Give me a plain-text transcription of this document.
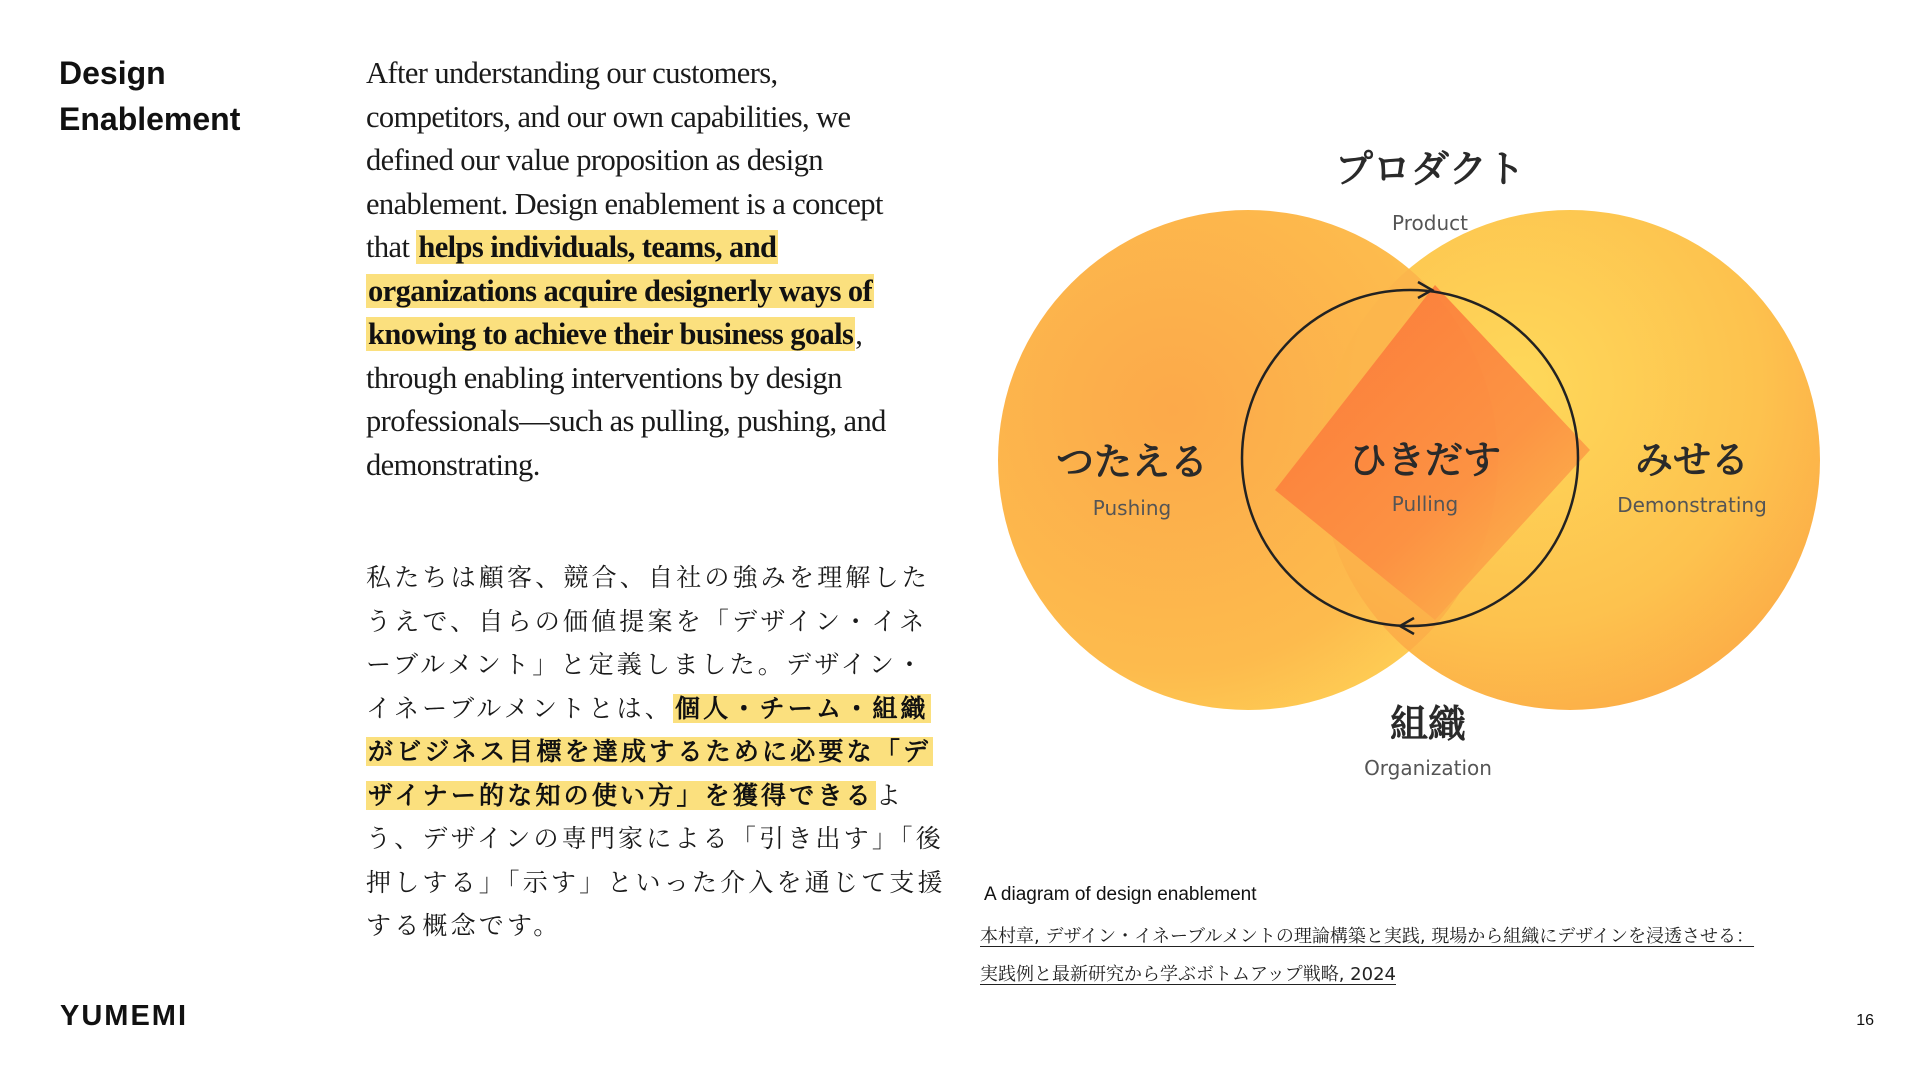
Design
Enablement
After understanding our customers, competitors, and our own capabilities, we defined our value proposition as design enablement. Design enablement is a concept that helps individuals, teams, and organizations acquire designerly ways of knowing to achieve their business goals, through enabling interventions by design professionals—such as pulling, pushing, and demonstrating.
私たちは顧客、競合、自社の強みを理解したうえで、自らの価値提案を「デザイン・イネーブルメント」と定義しました。デザイン・イネーブルメントとは、個人・チーム・組織がビジネス目標を達成するために必要な「デザイナー的な知の使い方」を獲得できるよう、デザインの専門家による「引き出す」「後押しする」「示す」といった介入を通じて支援する概念です。
プロダクト
Product
つたえる
Pushing
ひきだす
Pulling
みせる
Demonstrating
組織
Organization
A diagram of design enablement
本村章, デザイン・イネーブルメントの理論構築と実践, 現場から組織にデザインを浸透させる：
実践例と最新研究から学ぶボトムアップ戦略, 2024
YUMEMI	16
